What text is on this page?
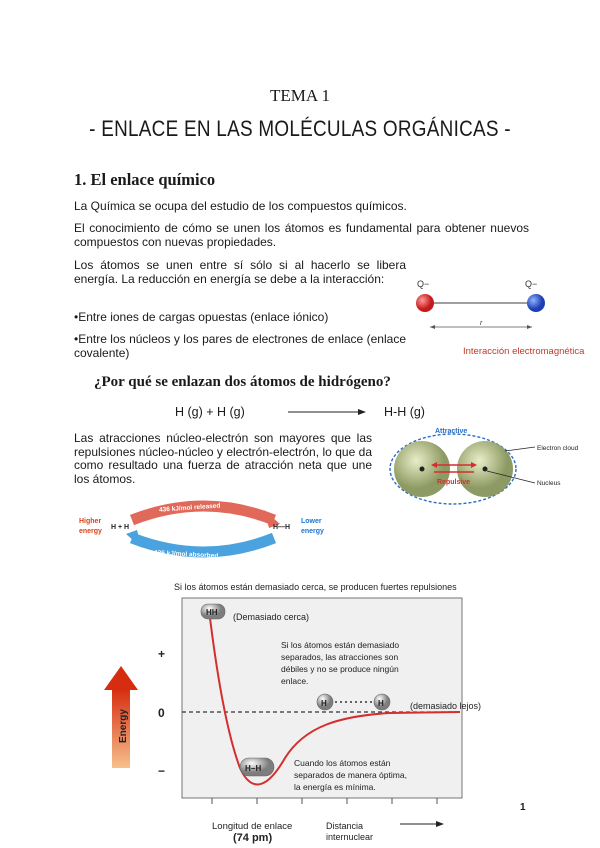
TEMA 1
- ENLACE EN LAS MOLÉCULAS ORGÁNICAS -
1. El enlace químico
La Química se ocupa del estudio de los compuestos químicos.
El conocimiento de cómo se unen los átomos es fundamental para obtener nuevos compuestos con nuevas propiedades.
Los átomos se unen entre sí sólo si al hacerlo se libera energía. La reducción en energía se debe a la interacción:
•Entre iones de cargas opuestas (enlace iónico)
•Entre los núcleos y los pares de electrones de enlace (enlace covalente)
Q−	Q−
r
Interacción electromagnética
¿Por qué se enlazan dos átomos de hidrógeno?
H (g) + H (g)	H-H (g)
Las atracciones núcleo-electrón son mayores que las repulsiones núcleo-núcleo y electrón-electrón, lo que da como resultado una fuerza de atracción neta que une los átomos.
Attractive
Repulsive
Electron cloud
Nucleus
Higher
energy
H + H
436 kJ/mol released
436 kJ/mol absorbed
H—H
Lower
energy
Si los átomos están demasiado cerca, se producen fuertes repulsiones
Energy
+
0
−
HH (Demasiado cerca)
Si los átomos están demasiado
separados, las atracciones son
débiles y no se produce ningún
enlace.
H	H	(demasiado lejos)
H−H
Cuando los átomos están
separados de manera óptima,
la energía es mínima.
Longitud de enlace
(74 pm)
Distancia
internuclear
1
